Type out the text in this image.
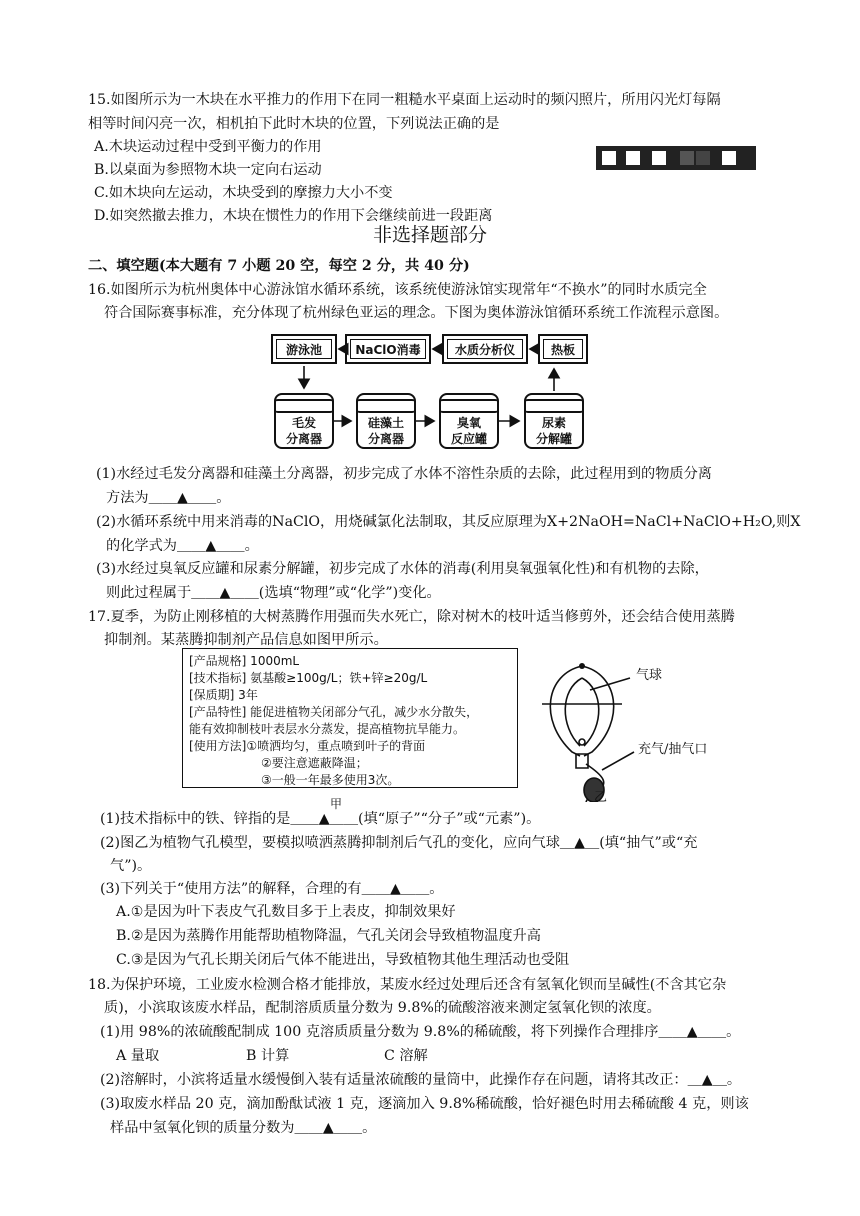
15.如图所示为一木块在水平推力的作用下在同一粗糙水平桌面上运动时的频闪照片，所用闪光灯每隔
相等时间闪亮一次，相机拍下此时木块的位置，下列说法正确的是
A.木块运动过程中受到平衡力的作用
B.以桌面为参照物木块一定向右运动
C.如木块向左运动，木块受到的摩擦力大小不变
D.如突然撤去推力，木块在惯性力的作用下会继续前进一段距离
非选择题部分
二、填空题(本大题有 7 小题 20 空，每空 2 分，共 40 分)
16.如图所示为杭州奥体中心游泳馆水循环系统，该系统使游泳馆实现常年“不换水”的同时水质完全
符合国际赛事标准，充分体现了杭州绿色亚运的理念。下图为奥体游泳馆循环系统工作流程示意图。
游泳池	NaClO消毒	水质分析仪	热板
毛发
分离器
硅藻土
分离器
臭氧
反应罐
尿素
分解罐
(1)水经过毛发分离器和硅藻土分离器，初步完成了水体不溶性杂质的去除，此过程用到的物质分离
方法为＿＿▲＿＿。
(2)水循环系统中用来消毒的NaClO，用烧碱氯化法制取，其反应原理为X+2NaOH=NaCl+NaClO+H₂O,则X
的化学式为＿＿▲＿＿。
(3)水经过臭氧反应罐和尿素分解罐，初步完成了水体的消毒(利用臭氧强氧化性)和有机物的去除，
则此过程属于＿＿▲＿＿(选填“物理”或“化学”)变化。
17.夏季，为防止刚移植的大树蒸腾作用强而失水死亡，除对树木的枝叶适当修剪外，还会结合使用蒸腾
抑制剂。某蒸腾抑制剂产品信息如图甲所示。
[产品规格] 1000mL
[技术指标] 氨基酸≥100g/L；铁+锌≥20g/L
[保质期] 3年
[产品特性] 能促进植物关闭部分气孔，减少水分散失，
能有效抑制枝叶表层水分蒸发，提高植物抗旱能力。
[使用方法]①喷洒均匀，重点喷到叶子的背面
②要注意遮蔽降温；
③一般一年最多使用3次。
气球
充气/抽气口
乙
甲
(1)技术指标中的铁、锌指的是＿＿▲＿＿(填“原子”“分子”或“元素”)。
(2)图乙为植物气孔模型，要模拟喷洒蒸腾抑制剂后气孔的变化，应向气球＿▲＿(填“抽气”或“充
气”)。
(3)下列关于“使用方法”的解释，合理的有＿＿▲＿＿。
A.①是因为叶下表皮气孔数目多于上表皮，抑制效果好
B.②是因为蒸腾作用能帮助植物降温，气孔关闭会导致植物温度升高
C.③是因为气孔长期关闭后气体不能进出，导致植物其他生理活动也受阻
18.为保护环境，工业废水检测合格才能排放，某废水经过处理后还含有氢氧化钡而呈碱性(不含其它杂
质)，小滨取该废水样品，配制溶质质量分数为 9.8%的硫酸溶液来测定氢氧化钡的浓度。
(1)用 98%的浓硫酸配制成 100 克溶质质量分数为 9.8%的稀硫酸，将下列操作合理排序＿＿▲＿＿。
A 量取	B 计算	C 溶解
(2)溶解时，小滨将适量水缓慢倒入装有适量浓硫酸的量筒中，此操作存在问题，请将其改正：＿▲＿。
(3)取废水样品 20 克，滴加酚酞试液 1 克，逐滴加入 9.8%稀硫酸，恰好褪色时用去稀硫酸 4 克，则该
样品中氢氧化钡的质量分数为＿＿▲＿＿。
